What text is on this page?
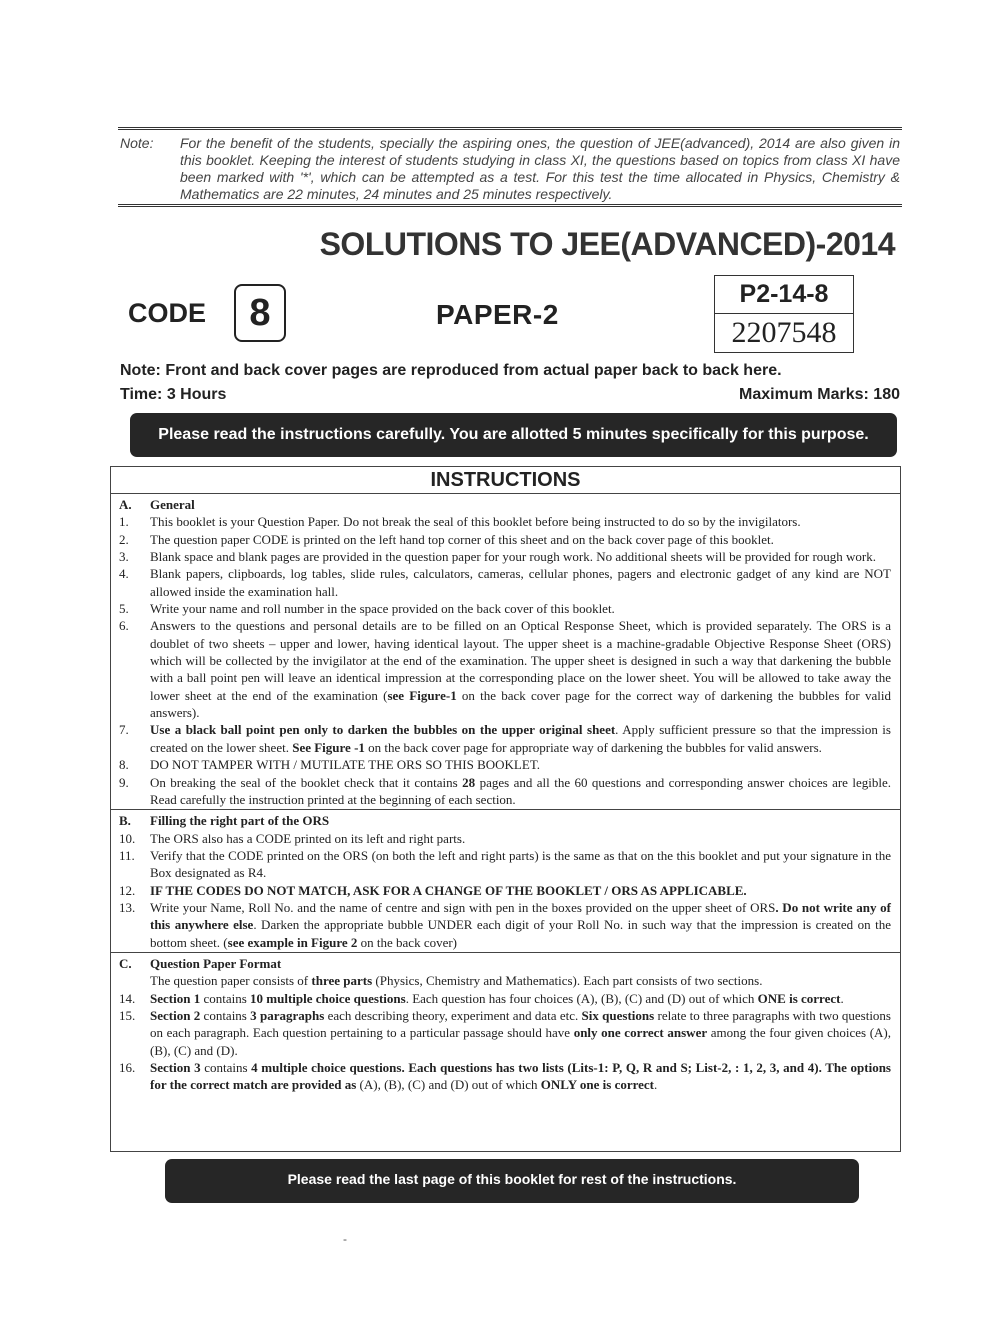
Note: For the benefit of the students, specially the aspiring ones, the question of JEE(advanced), 2014 are also given in this booklet. Keeping the interest of students studying in class XI, the questions based on topics from class XI have been marked with '*', which can be attempted as a test. For this test the time allocated in Physics, Chemistry & Mathematics are 22 minutes, 24 minutes and 25 minutes respectively.
SOLUTIONS TO JEE(ADVANCED)-2014
CODE	8	PAPER-2
P2-14-8
2207548
Note: Front and back cover pages are reproduced from actual paper back to back here.
Time: 3 Hours	Maximum Marks: 180
Please read the instructions carefully. You are allotted 5 minutes specifically for this purpose.
INSTRUCTIONS
A.	General
1.	This booklet is your Question Paper. Do not break the seal of this booklet before being instructed to do so by the invigilators.
2.	The question paper CODE is printed on the left hand top corner of this sheet and on the back cover page of this booklet.
3.	Blank space and blank pages are provided in the question paper for your rough work. No additional sheets will be provided for rough work.
4.	Blank papers, clipboards, log tables, slide rules, calculators, cameras, cellular phones, pagers and electronic gadget of any kind are NOT allowed inside the examination hall.
5.	Write your name and roll number in the space provided on the back cover of this booklet.
6.	Answers to the questions and personal details are to be filled on an Optical Response Sheet, which is provided separately. The ORS is a doublet of two sheets – upper and lower, having identical layout. The upper sheet is a machine-gradable Objective Response Sheet (ORS) which will be collected by the invigilator at the end of the examination. The upper sheet is designed in such a way that darkening the bubble with a ball point pen will leave an identical impression at the corresponding place on the lower sheet. You will be allowed to take away the lower sheet at the end of the examination (see Figure-1 on the back cover page for the correct way of darkening the bubbles for valid answers).
7.	Use a black ball point pen only to darken the bubbles on the upper original sheet. Apply sufficient pressure so that the impression is created on the lower sheet. See Figure -1 on the back cover page for appropriate way of darkening the bubbles for valid answers.
8.	DO NOT TAMPER WITH / MUTILATE THE ORS SO THIS BOOKLET.
9.	On breaking the seal of the booklet check that it contains 28 pages and all the 60 questions and corresponding answer choices are legible. Read carefully the instruction printed at the beginning of each section.
B.	Filling the right part of the ORS
10.	The ORS also has a CODE printed on its left and right parts.
11.	Verify that the CODE printed on the ORS (on both the left and right parts) is the same as that on the this booklet and put your signature in the Box designated as R4.
12.	IF THE CODES DO NOT MATCH, ASK FOR A CHANGE OF THE BOOKLET / ORS AS APPLICABLE.
13.	Write your Name, Roll No. and the name of centre and sign with pen in the boxes provided on the upper sheet of ORS. Do not write any of this anywhere else. Darken the appropriate bubble UNDER each digit of your Roll No. in such way that the impression is created on the bottom sheet. (see example in Figure 2 on the back cover)
C.	Question Paper Format
The question paper consists of three parts (Physics, Chemistry and Mathematics). Each part consists of two sections.
14.	Section 1 contains 10 multiple choice questions. Each question has four choices (A), (B), (C) and (D) out of which ONE is correct.
15.	Section 2 contains 3 paragraphs each describing theory, experiment and data etc. Six questions relate to three paragraphs with two questions on each paragraph. Each question pertaining to a particular passage should have only one correct answer among the four given choices (A), (B), (C) and (D).
16.	Section 3 contains 4 multiple choice questions. Each questions has two lists (Lits-1: P, Q, R and S; List-2, : 1, 2, 3, and 4). The options for the correct match are provided as (A), (B), (C) and (D) out of which ONLY one is correct.
Please read the last page of this booklet for rest of the instructions.
-
